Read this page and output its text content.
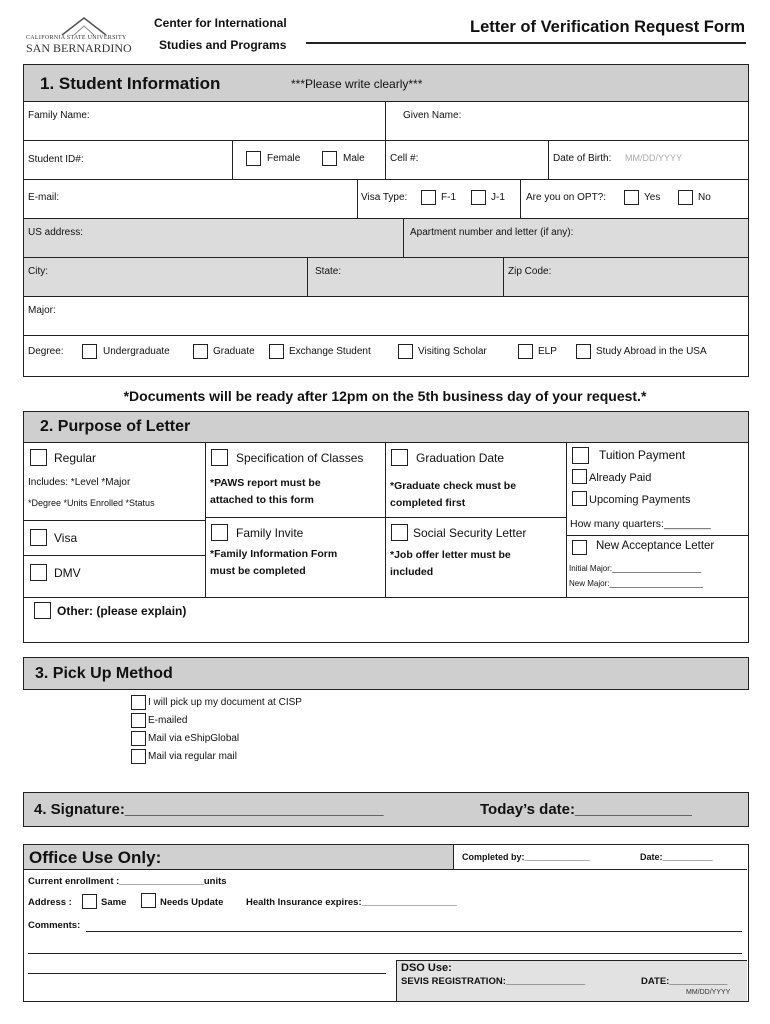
CALIFORNIA STATE UNIVERSITY
SAN BERNARDINO
Center for International
Studies and Programs
Letter of Verification Request Form
1. Student Information	***Please write clearly***
Family Name:	Given Name:
Student ID#:	Female	Male	Cell #:	Date of Birth: MM/DD/YYYY
E-mail:	Visa Type:	F-1	J-1 Are you on OPT?:	Yes	No
US address:	Apartment number and letter (if any):
City:	State:	Zip Code:
Major:
Degree:	Undergraduate	Graduate	Exchange Student	Visiting Scholar	ELP	Study Abroad in the USA
*Documents will be ready after 12pm on the 5th business day of your request.*
2. Purpose of Letter
Regular
Includes: *Level *Major
*Degree *Units Enrolled *Status
Visa
DMV
Specification of Classes
*PAWS report must be
attached to this form
Family Invite
*Family Information Form
must be completed
Graduation Date
*Graduate check must be
completed first
Social Security Letter
*Job offer letter must be
included
Tuition Payment
Already Paid
Upcoming Payments
How many quarters:________
New Acceptance Letter
Initial Major:____________________
New Major:_____________________
Other: (please explain)
3. Pick Up Method
I will pick up my document at CISP
E-mailed
Mail via eShipGlobal
Mail via regular mail
4. Signature:_______________________________	Today’s date:______________
Office Use Only:	Completed by:_____________	Date:__________
Current enrollment :________________units
Address :	Same	Needs Update Health Insurance expires:__________________
Comments:
DSO Use:
SEVIS REGISTRATION:_______________	DATE:___________
MM/DD/YYYY
